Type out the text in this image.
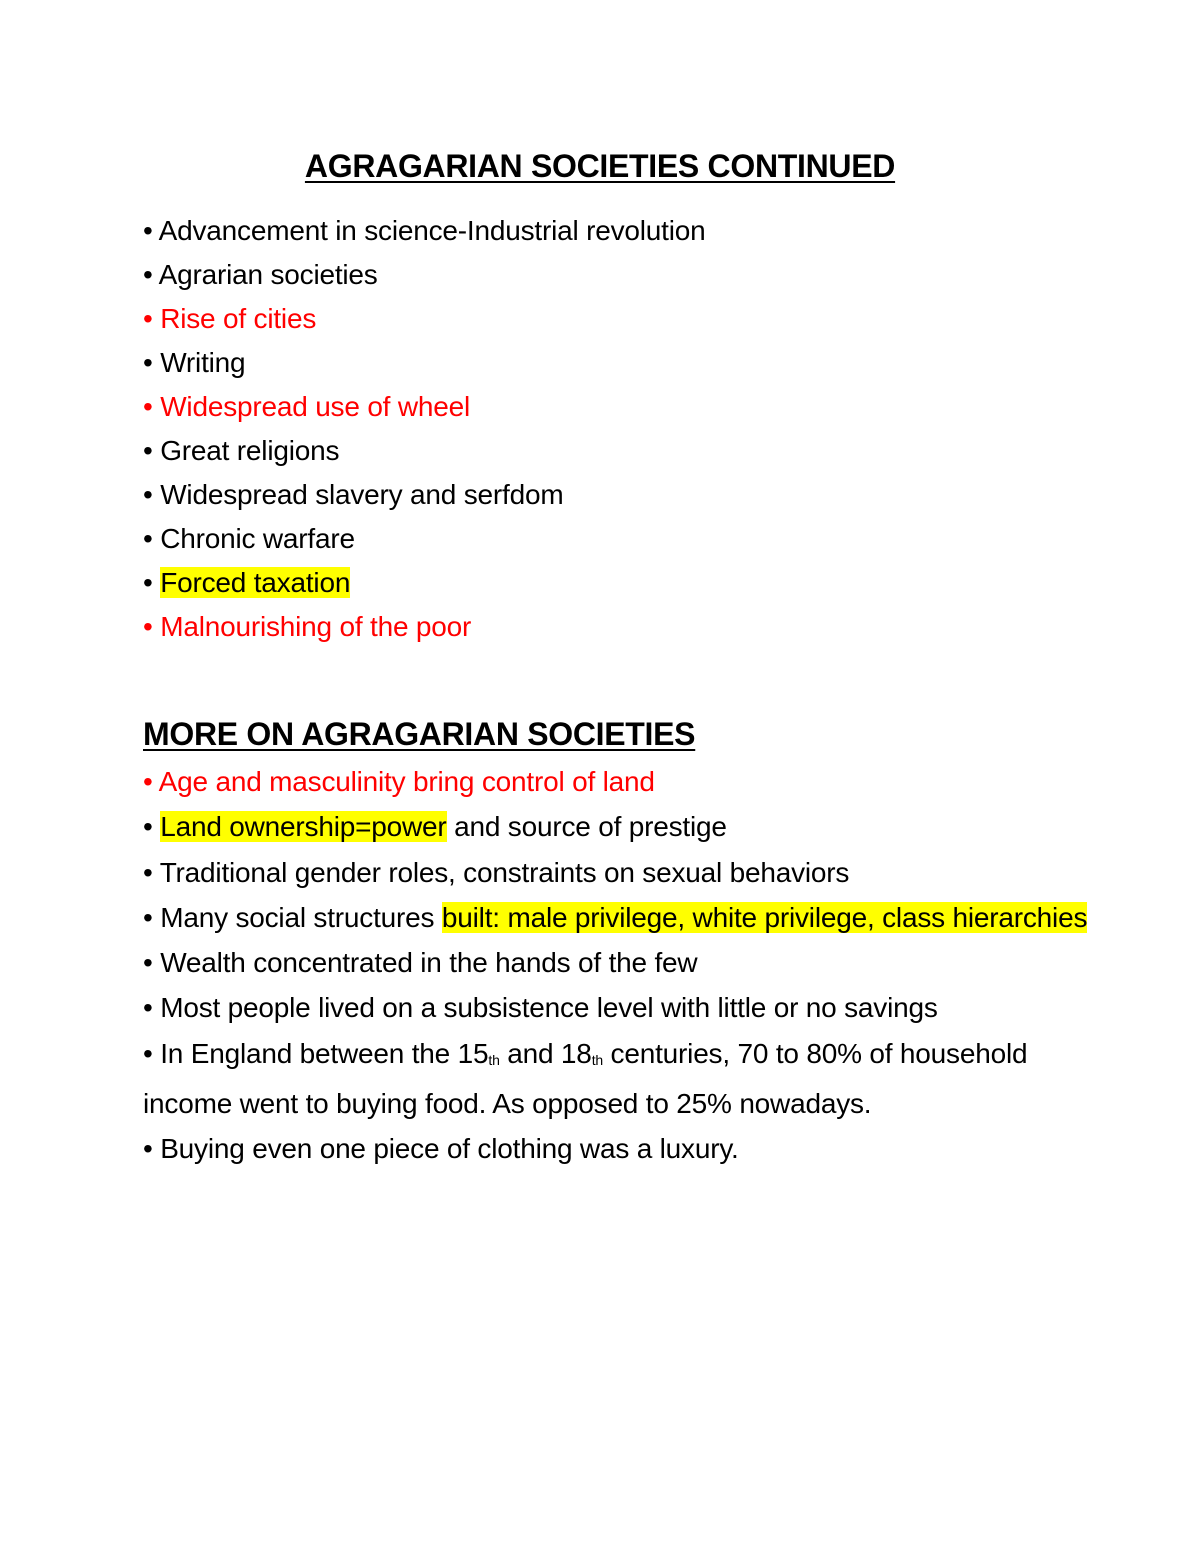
AGRAGARIAN SOCIETIES CONTINUED
• Advancement in science-Industrial revolution
• Agrarian societies
• Rise of cities
• Writing
• Widespread use of wheel
• Great religions
• Widespread slavery and serfdom
• Chronic warfare
• Forced taxation
• Malnourishing of the poor
MORE ON AGRAGARIAN SOCIETIES
• Age and masculinity bring control of land
• Land ownership=power and source of prestige
• Traditional gender roles, constraints on sexual behaviors
• Many social structures built: male privilege, white privilege, class hierarchies
• Wealth concentrated in the hands of the few
• Most people lived on a subsistence level with little or no savings
• In England between the $15_{th}$ and $18_{th}$ centuries, 70 to 80% of household income went to buying food. As opposed to 25% nowadays.
• Buying even one piece of clothing was a luxury.
